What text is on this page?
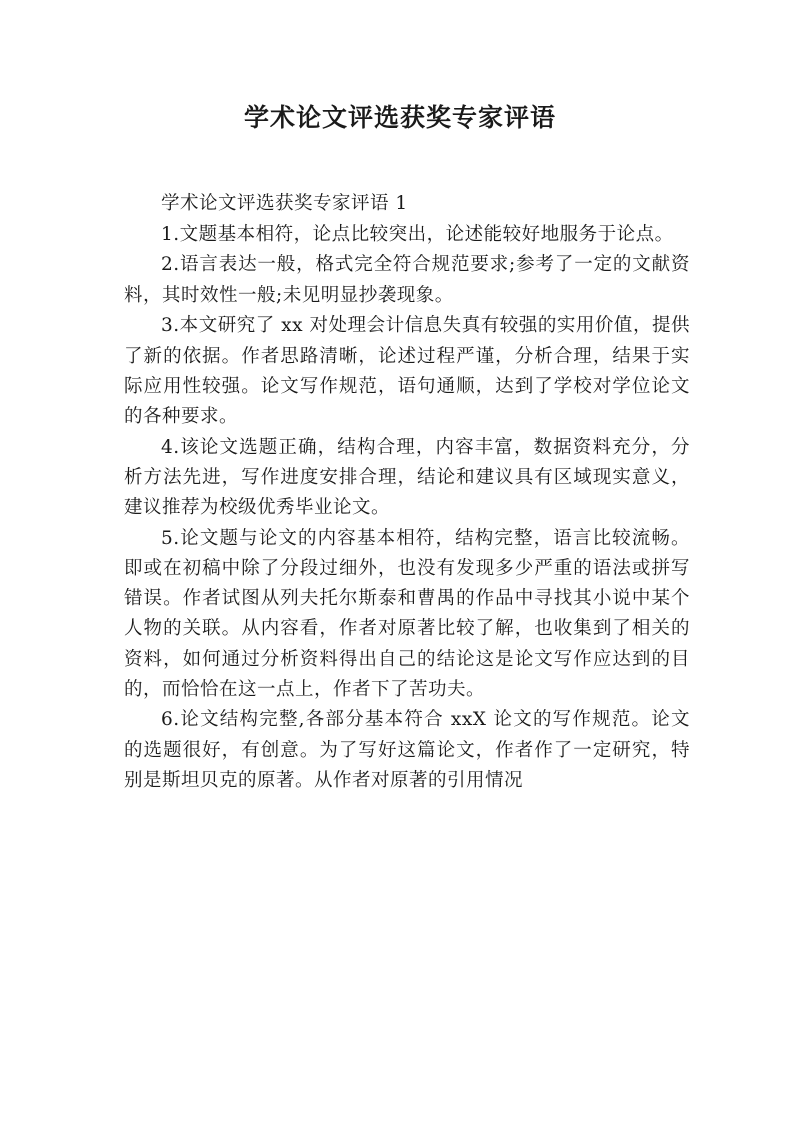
学术论文评选获奖专家评语

学术论文评选获奖专家评语 1

1.文题基本相符，论点比较突出，论述能较好地服务于论点。

2.语言表达一般，格式完全符合规范要求;参考了一定的文献资料，其时效性一般;未见明显抄袭现象。

3.本文研究了 xx 对处理会计信息失真有较强的实用价值，提供了新的依据。作者思路清晰，论述过程严谨，分析合理，结果于实际应用性较强。论文写作规范，语句通顺，达到了学校对学位论文的各种要求。

4.该论文选题正确，结构合理，内容丰富，数据资料充分，分析方法先进，写作进度安排合理，结论和建议具有区域现实意义，建议推荐为校级优秀毕业论文。

5.论文题与论文的内容基本相符，结构完整，语言比较流畅。即或在初稿中除了分段过细外，也没有发现多少严重的语法或拼写错误。作者试图从列夫托尔斯泰和曹禺的作品中寻找其小说中某个人物的关联。从内容看，作者对原著比较了解，也收集到了相关的资料，如何通过分析资料得出自己的结论这是论文写作应达到的目的，而恰恰在这一点上，作者下了苦功夫。

6.论文结构完整,各部分基本符合 xxX 论文的写作规范。论文的选题很好，有创意。为了写好这篇论文，作者作了一定研究，特别是斯坦贝克的原著。从作者对原著的引用情况
